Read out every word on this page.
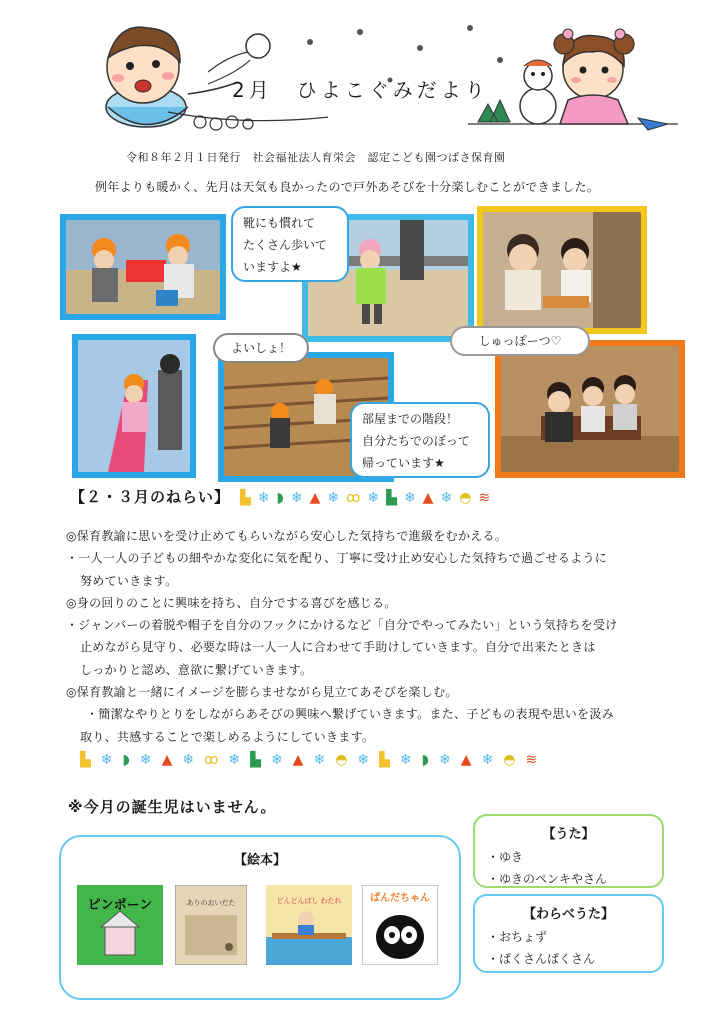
2月　ひよこぐみだより
令和８年２月１日発行　社会福祉法人育栄会　認定こども園つばさ保育園
例年よりも暖かく、先月は天気も良かったので戸外あそびを十分楽しむことができました。
靴にも慣れて
たくさん歩いて
いますよ★
よいしょ！	しゅっぽーつ♡
部屋までの階段！
自分たちでのぼって
帰っています★
【２・３月のねらい】 ▙ ❄ ◗ ❄ ▲ ❄ ꝏ ❄ ▙ ❄ ▲ ❄ ◓ ≋

◎保育教諭に思いを受け止めてもらいながら安心した気持ちで進級をむかえる。

・一人一人の子どもの細やかな変化に気を配り、丁寧に受け止め安心した気持ちで過ごせるように

努めていきます。

◎身の回りのことに興味を持ち、自分でする喜びを感じる。

・ジャンバーの着脱や帽子を自分のフックにかけるなど「自分でやってみたい」という気持ちを受け

止めながら見守り、必要な時は一人一人に合わせて手助けしていきます。自分で出来たときは

しっかりと認め、意欲に繋げていきます。

◎保育教諭と一緒にイメージを膨らませながら見立てあそびを楽しむ。

・簡潔なやりとりをしながらあそびの興味へ繋げていきます。また、子どもの表現や思いを汲み

取り、共感することで楽しめるようにしていきます。

▙ ❄ ◗ ❄ ▲ ❄ ꝏ ❄ ▙ ❄ ▲ ❄ ◓ ❄ ▙ ❄ ◗ ❄ ▲ ❄ ◓ ≋
※今月の誕生児はいません。
【絵本】
ピンポーン	ありのおいだた	どんどんばし わたれ	ぱんだちゃん
【うた】
・ゆき
・ゆきのペンキやさん
【わらべうた】
・おちょず
・ぱくさんぱくさん
